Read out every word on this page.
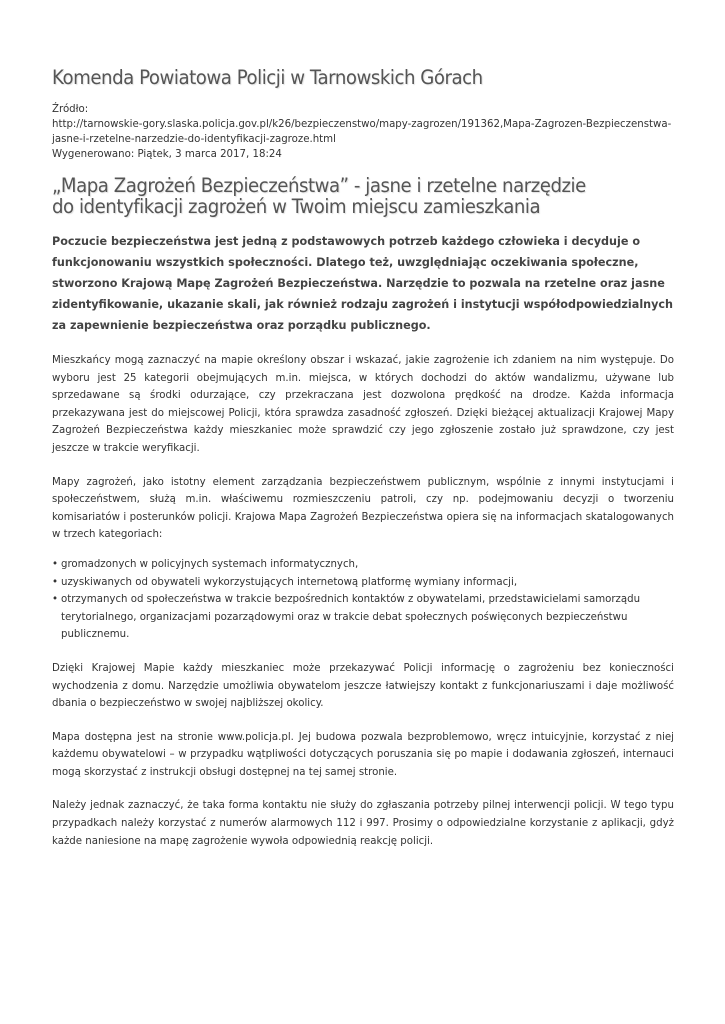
Komenda Powiatowa Policji w Tarnowskich Górach
Źródło:
http://tarnowskie-gory.slaska.policja.gov.pl/k26/bezpieczenstwo/mapy-zagrozen/191362,Mapa-Zagrozen-Bezpieczenstwa-jasne-i-rzetelne-narzedzie-do-identyfikacji-zagroze.html
Wygenerowano: Piątek, 3 marca 2017, 18:24
„Mapa Zagrożeń Bezpieczeństwa” - jasne i rzetelne narzędzie
do identyfikacji zagrożeń w Twoim miejscu zamieszkania

Poczucie bezpieczeństwa jest jedną z podstawowych potrzeb każdego człowieka i decyduje o funkcjonowaniu wszystkich społeczności. Dlatego też, uwzględniając oczekiwania społeczne, stworzono Krajową Mapę Zagrożeń Bezpieczeństwa. Narzędzie to pozwala na rzetelne oraz jasne zidentyfikowanie, ukazanie skali, jak również rodzaju zagrożeń i instytucji współodpowiedzialnych za zapewnienie bezpieczeństwa oraz porządku publicznego.

Mieszkańcy mogą zaznaczyć na mapie określony obszar i wskazać, jakie zagrożenie ich zdaniem na nim występuje. Do wyboru jest 25 kategorii obejmujących m.in. miejsca, w których dochodzi do aktów wandalizmu, używane lub sprzedawane są środki odurzające, czy przekraczana jest dozwolona prędkość na drodze. Każda informacja przekazywana jest do miejscowej Policji, która sprawdza zasadność zgłoszeń. Dzięki bieżącej aktualizacji Krajowej Mapy Zagrożeń Bezpieczeństwa każdy mieszkaniec może sprawdzić czy jego zgłoszenie zostało już sprawdzone, czy jest jeszcze w trakcie weryfikacji.

Mapy zagrożeń, jako istotny element zarządzania bezpieczeństwem publicznym, wspólnie z innymi instytucjami i społeczeństwem, służą m.in. właściwemu rozmieszczeniu patroli, czy np. podejmowaniu decyzji o tworzeniu komisariatów i posterunków policji. Krajowa Mapa Zagrożeń Bezpieczeństwa opiera się na informacjach skatalogowanych w trzech kategoriach:

• gromadzonych w policyjnych systemach informatycznych,
• uzyskiwanych od obywateli wykorzystujących internetową platformę wymiany informacji,
• otrzymanych od społeczeństwa w trakcie bezpośrednich kontaktów z obywatelami, przedstawicielami samorządu terytorialnego, organizacjami pozarządowymi oraz w trakcie debat społecznych poświęconych bezpieczeństwu publicznemu.

Dzięki Krajowej Mapie każdy mieszkaniec może przekazywać Policji informację o zagrożeniu bez konieczności wychodzenia z domu. Narzędzie umożliwia obywatelom jeszcze łatwiejszy kontakt z funkcjonariuszami i daje możliwość dbania o bezpieczeństwo w swojej najbliższej okolicy.

Mapa dostępna jest na stronie www.policja.pl. Jej budowa pozwala bezproblemowo, wręcz intuicyjnie, korzystać z niej każdemu obywatelowi – w przypadku wątpliwości dotyczących poruszania się po mapie i dodawania zgłoszeń, internauci mogą skorzystać z instrukcji obsługi dostępnej na tej samej stronie.

Należy jednak zaznaczyć, że taka forma kontaktu nie służy do zgłaszania potrzeby pilnej interwencji policji. W tego typu przypadkach należy korzystać z numerów alarmowych 112 i 997. Prosimy o odpowiedzialne korzystanie z aplikacji, gdyż każde naniesione na mapę zagrożenie wywoła odpowiednią reakcję policji.
